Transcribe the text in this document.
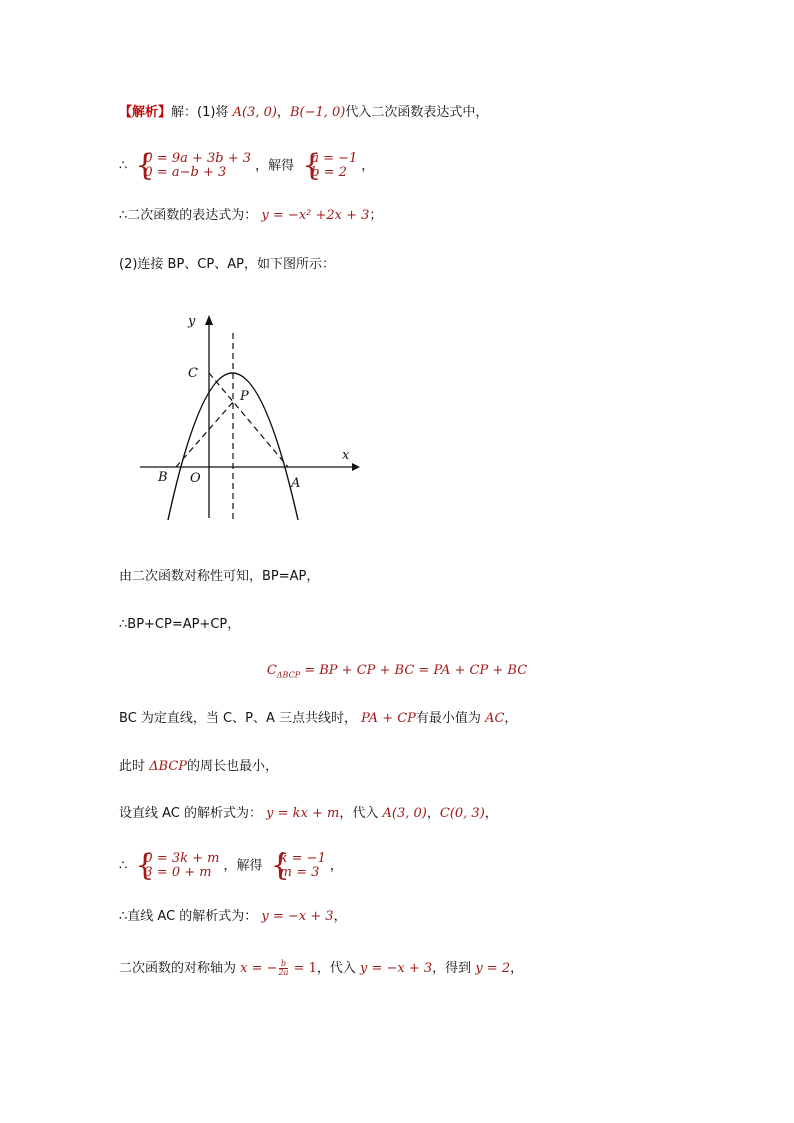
【解析】解：(1)将 A(3, 0)，B(−1, 0)代入二次函数表达式中，
∴ {
0 = 9a + 3b + 3
0 = a−b + 3	，解得 {
a = −1
b = 2	，
∴二次函数的表达式为： y = −x² +2x + 3；
(2)连接 BP、CP、AP，如下图所示：
y
x
C
P
B O	A
由二次函数对称性可知，BP=AP，
∴BP+CP=AP+CP，
$C_{\Delta BCP}$ = BP + CP + BC = PA + CP + BC
BC 为定直线，当 C、P、A 三点共线时， PA + CP有最小值为 AC，
此时 ΔBCP的周长也最小，
设直线 AC 的解析式为： y = kx + m，代入 A(3, 0)，C(0, 3)，
∴ {
0 = 3k + m
3 = 0 + m ，解得 {
k = −1
m = 3 ，
∴直线 AC 的解析式为： y = −x + 3，
二次函数的对称轴为 x = − $\frac{b}{2a} = 1$，代入 y = −x + 3，得到 y = 2，
